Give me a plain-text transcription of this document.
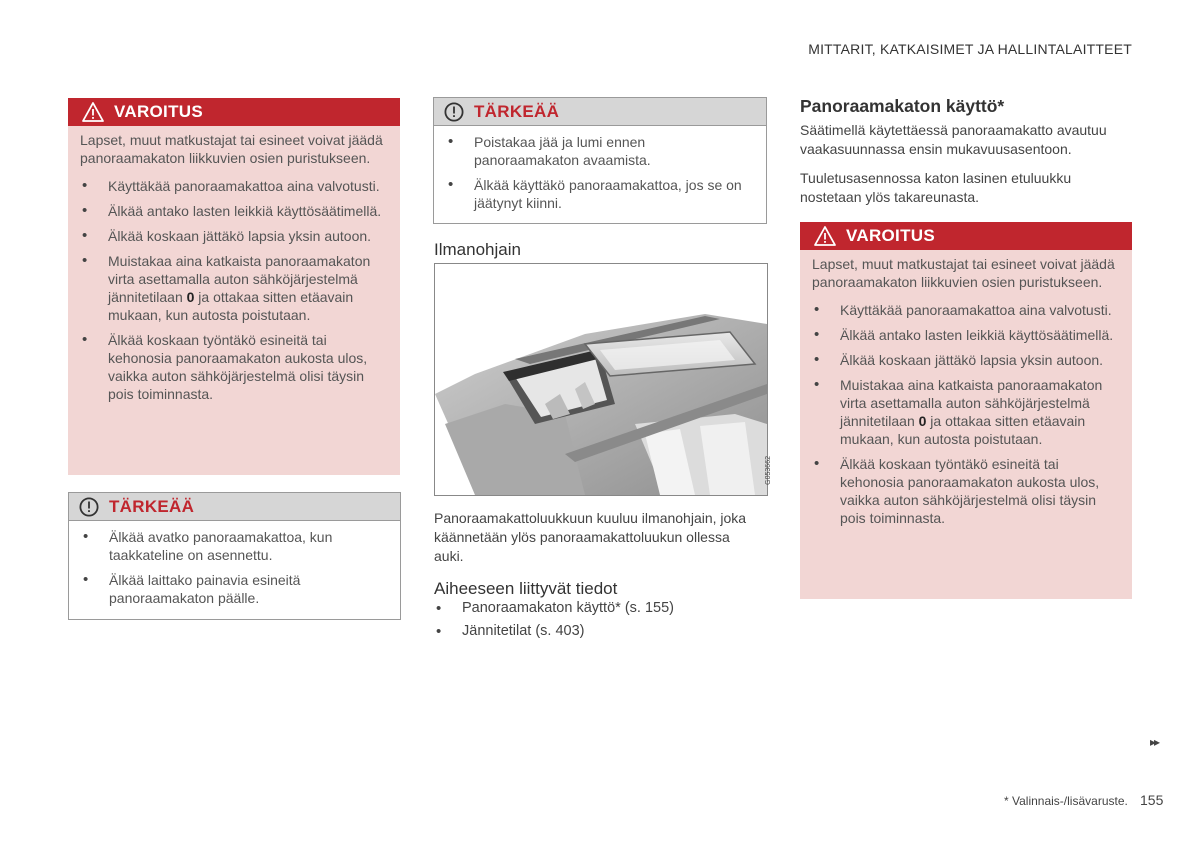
MITTARIT, KATKAISIMET JA HALLINTALAITTEET
VAROITUS

Lapset, muut matkustajat tai esineet voivat jäädä panoraamakaton liikkuvien osien puristukseen.

• Käyttäkää panoraamakattoa aina valvotusti.
• Älkää antako lasten leikkiä käyttösäätimellä.
• Älkää koskaan jättäkö lapsia yksin autoon.
• Muistakaa aina katkaista panoraamakaton virta asettamalla auton sähköjärjestelmä jännitetilaan 0 ja ottakaa sitten etäavain mukaan, kun autosta poistutaan.
• Älkää koskaan työntäkö esineitä tai kehonosia panoraamakaton aukosta ulos, vaikka auton sähköjärjestelmä olisi täysin pois toiminnasta.
TÄRKEÄÄ
• Älkää avatko panoraamakattoa, kun taakkateline on asennettu.
• Älkää laittako painavia esineitä panoraamakaton päälle.
TÄRKEÄÄ
• Poistakaa jää ja lumi ennen panoraamakaton avaamista.
• Älkää käyttäkö panoraamakattoa, jos se on jäätynyt kiinni.
Ilmanohjain
G053662
Panoraamakattoluukkuun kuuluu ilmanohjain, joka käännetään ylös panoraamakattoluukun ollessa auki.
Aiheeseen liittyvät tiedot
• Panoraamakaton käyttö* (s. 155)
• Jännitetilat (s. 403)
Panoraamakaton käyttö*
Säätimellä käytettäessä panoraamakatto avautuu vaakasuunnassa ensin mukavuusasentoon.
Tuuletusasennossa katon lasinen etuluukku nostetaan ylös takareunasta.
VAROITUS

Lapset, muut matkustajat tai esineet voivat jäädä panoraamakaton liikkuvien osien puristukseen.

• Käyttäkää panoraamakattoa aina valvotusti.
• Älkää antako lasten leikkiä käyttösäätimellä.
• Älkää koskaan jättäkö lapsia yksin autoon.
• Muistakaa aina katkaista panoraamakaton virta asettamalla auton sähköjärjestelmä jännitetilaan 0 ja ottakaa sitten etäavain mukaan, kun autosta poistutaan.
• Älkää koskaan työntäkö esineitä tai kehonosia panoraamakaton aukosta ulos, vaikka auton sähköjärjestelmä olisi täysin pois toiminnasta.
▸▸
* Valinnais-/lisävaruste. 155
